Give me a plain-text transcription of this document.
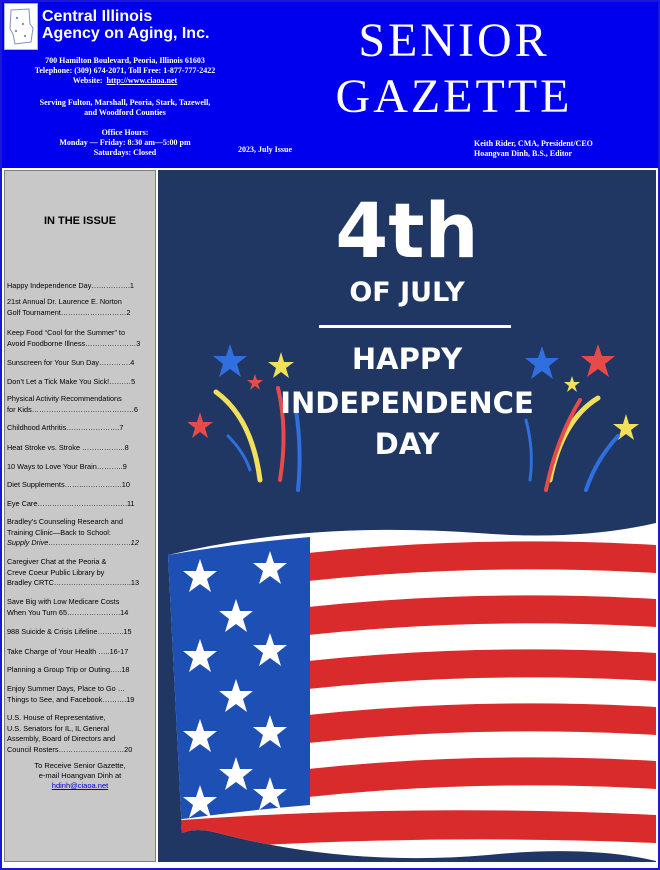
Central Illinois
Agency on Aging, Inc.
700 Hamilton Boulevard, Peoria, Illinois 61603
Telephone: (309) 674-2071, Toll Free: 1-877-777-2422
Website: http://www.ciaoa.net
Serving Fulton, Marshall, Peoria, Stark, Tazewell,
and Woodford Counties
Office Hours:
Monday — Friday: 8:30 am—5:00 pm
Saturdays: Closed
SENIOR
GAZETTE
2023, July Issue
Keith Rider, CMA, President/CEO
Hoangvan Dinh, B.S., Editor
IN THE ISSUE
Happy Independence Day…………….1
21st Annual Dr. Laurence E. Norton
Golf Tournament………………………2
Keep Food “Cool for the Summer” to
Avoid Foodborne Illness…………………3
Sunscreen for Your Sun Day………….4
Don’t Let a Tick Make You Sick!………5
Physical Activity Recommendations
for Kids……………………………………6
Childhood Arthritis………………….7
Heat Stroke vs. Stroke ……………...8
10 Ways to Love Your Brain………..9
Diet Supplements……..…………….10
Eye Care……………………………….11
Bradley’s Counseling Research and
Training Clinic—Back to School:
Supply Drive…………………………….12
Caregiver Chat at the Peoria &
Creve Coeur Public Library by
Bradley CRTC…………………………..13
Save Big with Low Medicare Costs
When You Turn 65………………….14
988 Suicide & Crisis Lifeline………..15
Take Charge of Your Health …..16-17
Planning a Group Trip or Outing…..18
Enjoy Summer Days, Place to Go …
Things to See, and Facebook……….19
U.S. House of Representative,
U.S. Senators for IL, IL General
Assembly, Board of Directors and
Council Rosters………………………20
To Receive Senior Gazette,
e-mail Hoangvan Dinh at
hdinh@ciaoa.net
4th
OF JULY
HAPPY
INDEPENDENCE
DAY
